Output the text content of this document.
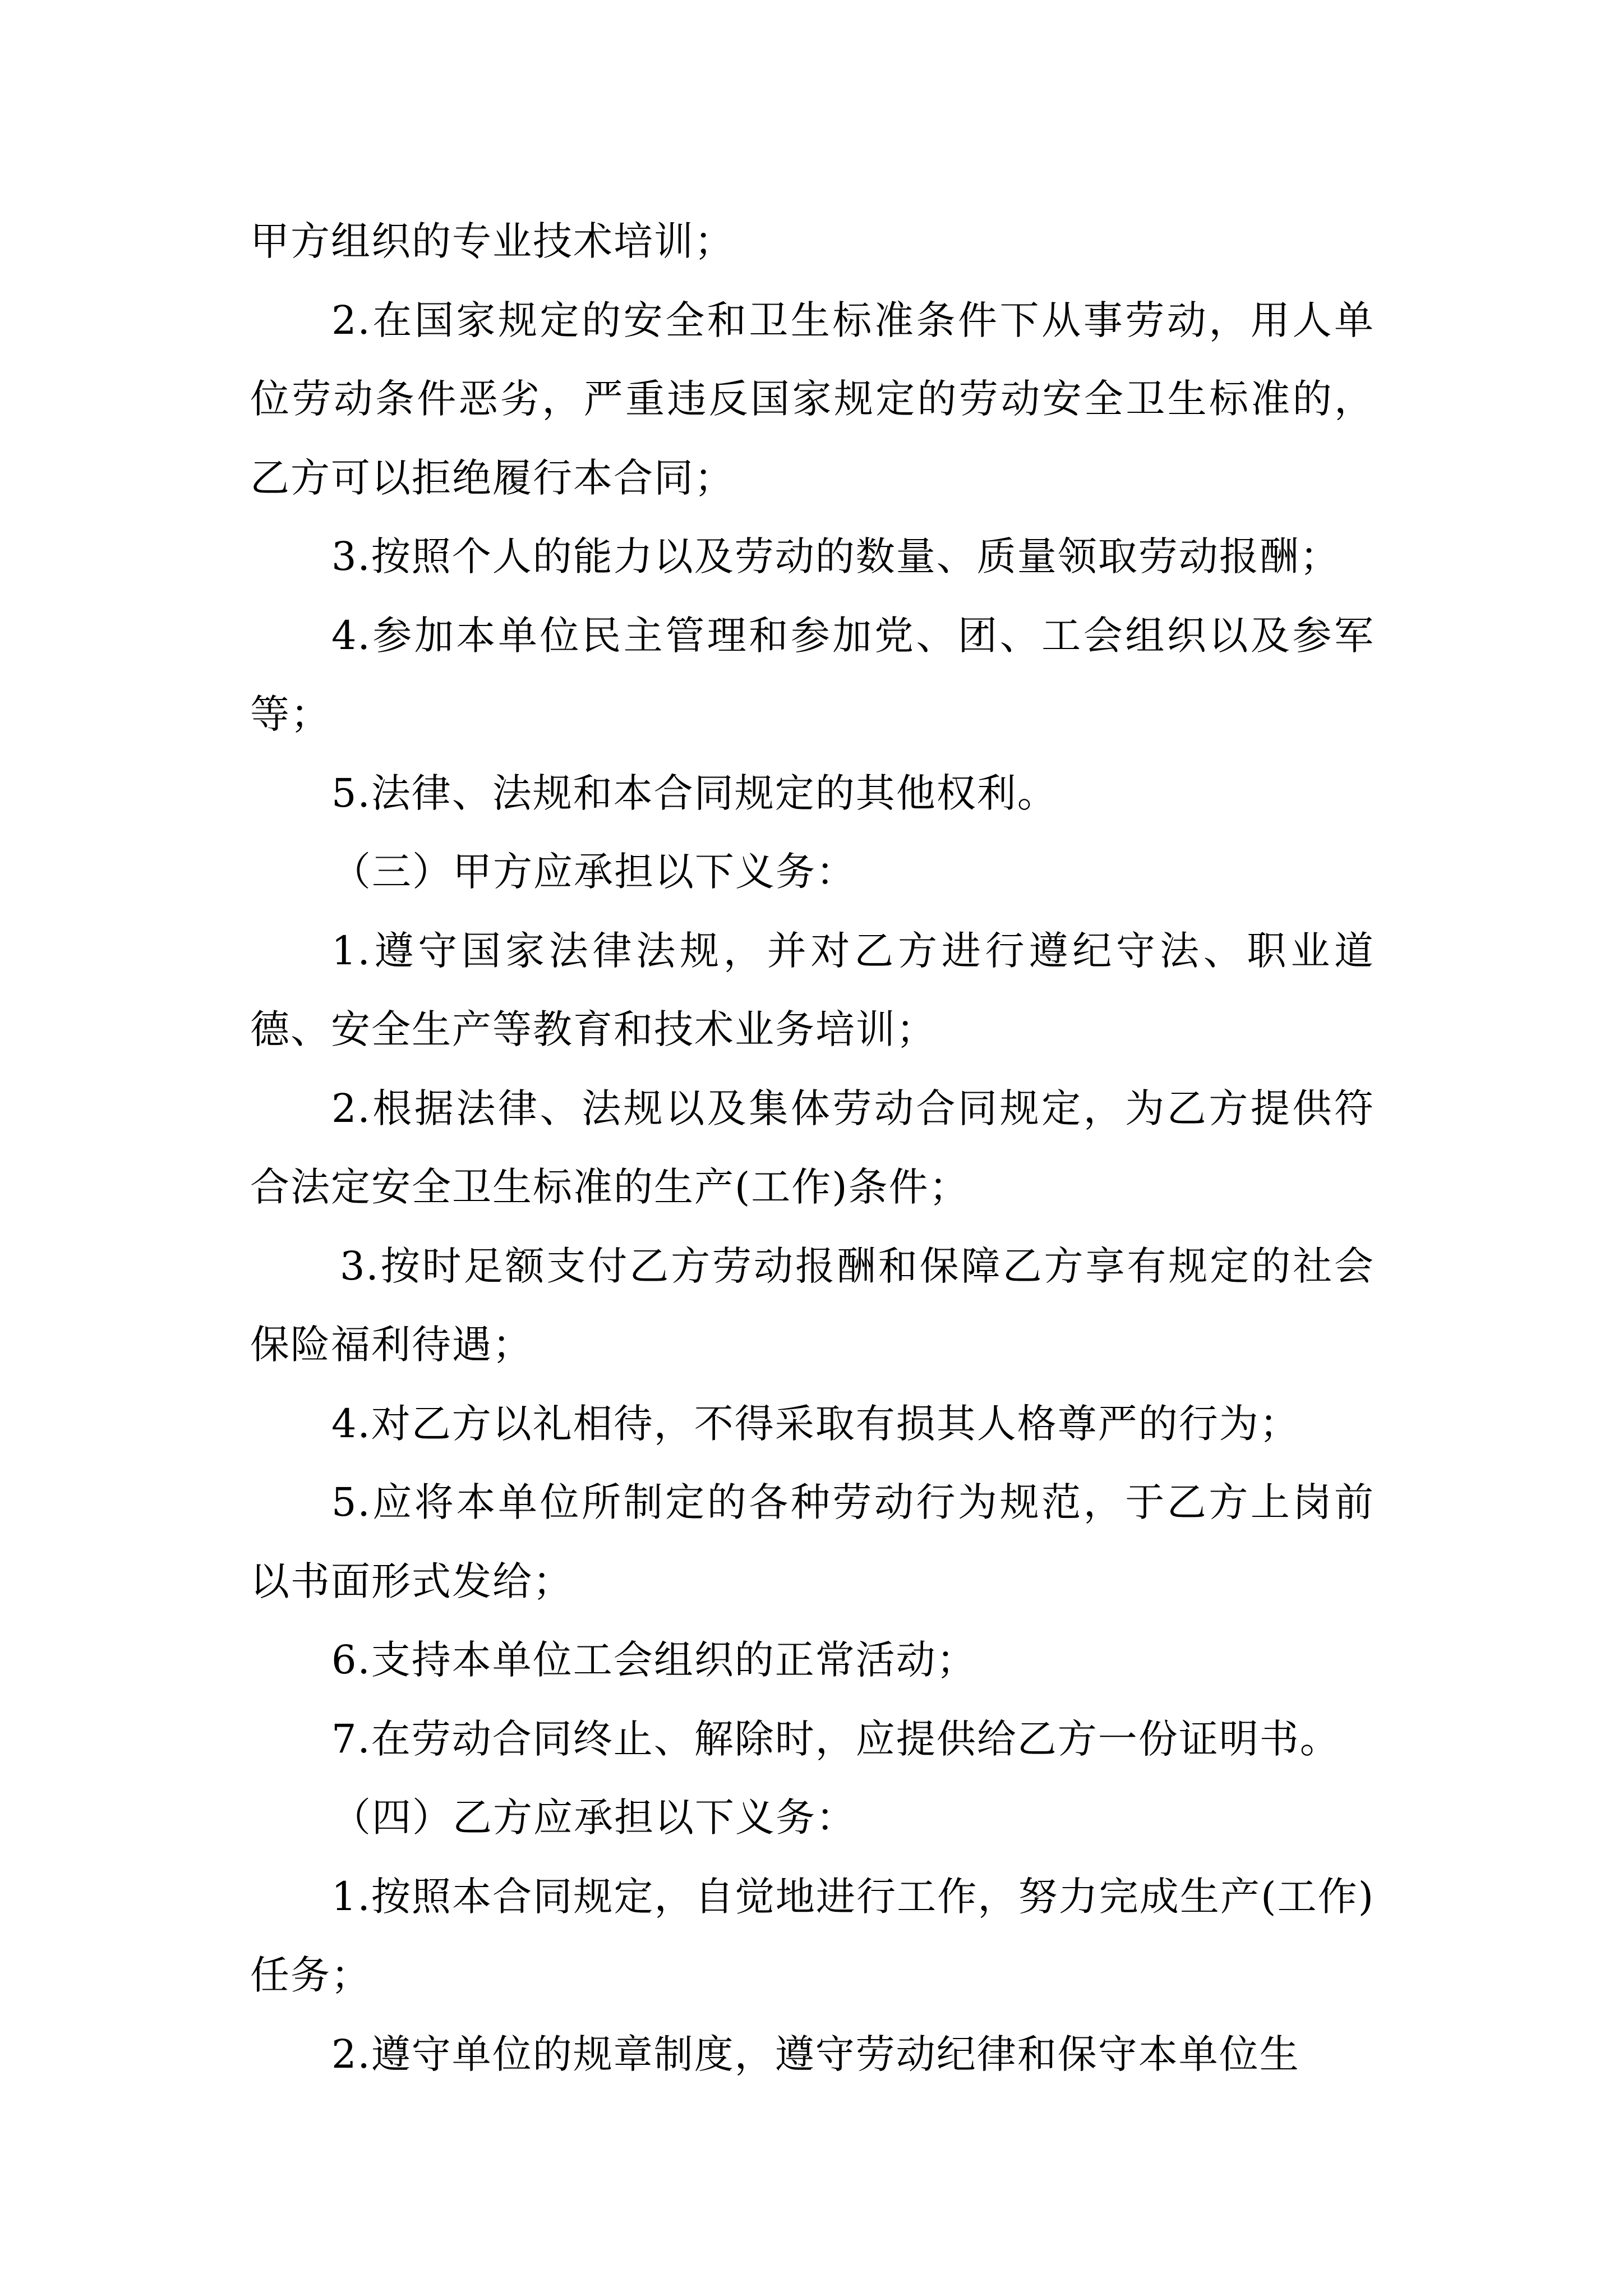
甲方组织的专业技术培训；

2.在国家规定的安全和卫生标准条件下从事劳动，用人单位劳动条件恶劣，严重违反国家规定的劳动安全卫生标准的，乙方可以拒绝履行本合同；

3.按照个人的能力以及劳动的数量、质量领取劳动报酬；

4.参加本单位民主管理和参加党、团、工会组织以及参军等；

5.法律、法规和本合同规定的其他权利。

（三）甲方应承担以下义务：

1.遵守国家法律法规，并对乙方进行遵纪守法、职业道德、安全生产等教育和技术业务培训；

2.根据法律、法规以及集体劳动合同规定，为乙方提供符合法定安全卫生标准的生产(工作)条件；

3.按时足额支付乙方劳动报酬和保障乙方享有规定的社会保险福利待遇；

4.对乙方以礼相待，不得采取有损其人格尊严的行为；

5.应将本单位所制定的各种劳动行为规范，于乙方上岗前以书面形式发给；

6.支持本单位工会组织的正常活动；

7.在劳动合同终止、解除时，应提供给乙方一份证明书。

（四）乙方应承担以下义务：

1.按照本合同规定，自觉地进行工作，努力完成生产(工作)任务；

2.遵守单位的规章制度，遵守劳动纪律和保守本单位生
